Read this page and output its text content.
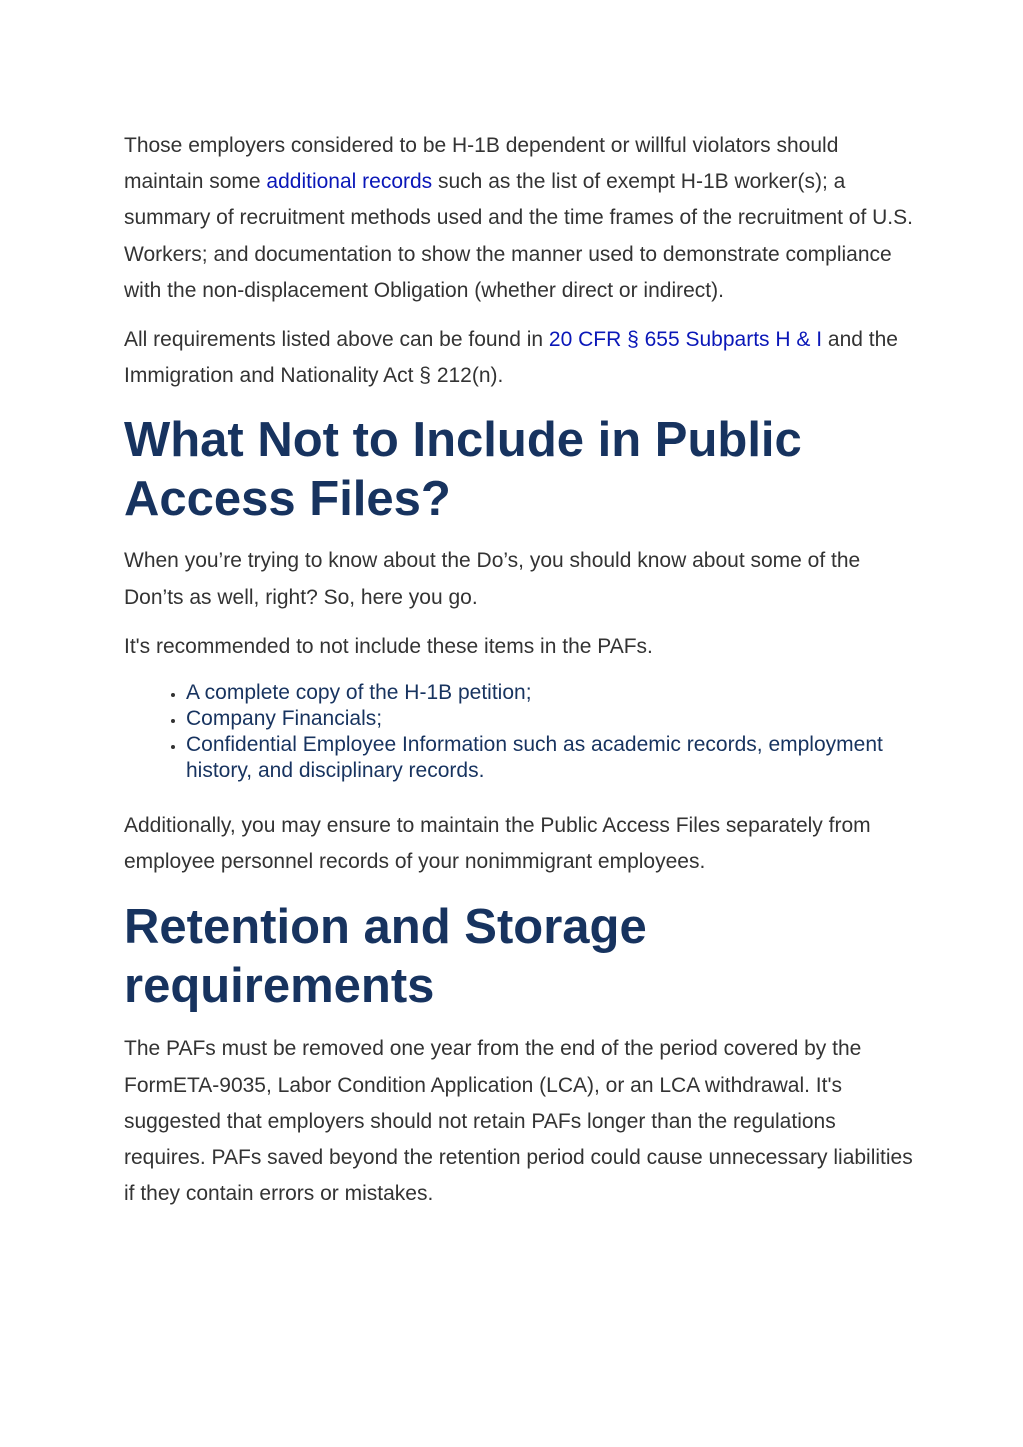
Those employers considered to be H-1B dependent or willful violators should maintain some additional records such as the list of exempt H-1B worker(s); a summary of recruitment methods used and the time frames of the recruitment of U.S. Workers; and documentation to show the manner used to demonstrate compliance with the non-displacement Obligation (whether direct or indirect).

All requirements listed above can be found in 20 CFR § 655 Subparts H & I and the Immigration and Nationality Act § 212(n).

What Not to Include in Public Access Files?

When you’re trying to know about the Do’s, you should know about some of the Don’ts as well, right? So, here you go.

It's recommended to not include these items in the PAFs.

• A complete copy of the H-1B petition;
• Company Financials;
• Confidential Employee Information such as academic records, employment history, and disciplinary records.

Additionally, you may ensure to maintain the Public Access Files separately from employee personnel records of your nonimmigrant employees.

Retention and Storage requirements

The PAFs must be removed one year from the end of the period covered by the FormETA-9035, Labor Condition Application (LCA), or an LCA withdrawal. It's suggested that employers should not retain PAFs longer than the regulations requires. PAFs saved beyond the retention period could cause unnecessary liabilities if they contain errors or mistakes.
